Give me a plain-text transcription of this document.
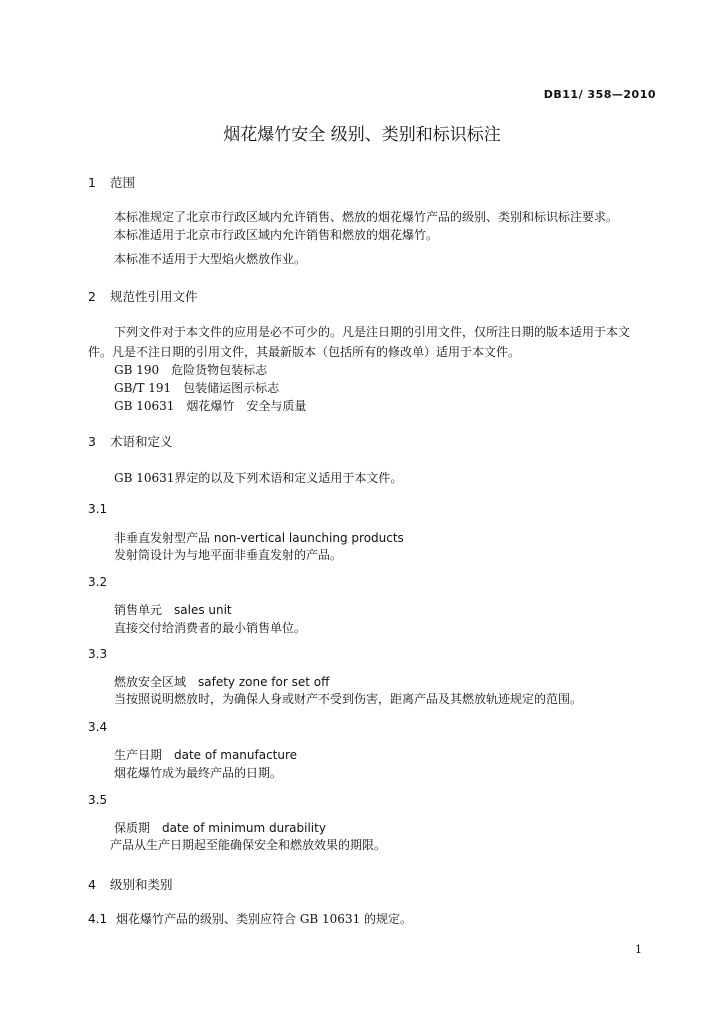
DB11/ 358—2010
烟花爆竹安全 级别、类别和标识标注
1 范围
本标准规定了北京市行政区域内允许销售、燃放的烟花爆竹产品的级别、类别和标识标注要求。
本标准适用于北京市行政区域内允许销售和燃放的烟花爆竹。
本标准不适用于大型焰火燃放作业。
2 规范性引用文件
下列文件对于本文件的应用是必不可少的。凡是注日期的引用文件，仅所注日期的版本适用于本文
件。凡是不注日期的引用文件，其最新版本（包括所有的修改单）适用于本文件。
GB 190　危险货物包装标志
GB/T 191　包装储运图示标志
GB 10631　烟花爆竹　安全与质量
3 术语和定义
GB 10631界定的以及下列术语和定义适用于本文件。
3.1
非垂直发射型产品 non-vertical launching products
发射筒设计为与地平面非垂直发射的产品。
3.2
销售单元　sales unit
直接交付给消费者的最小销售单位。
3.3
燃放安全区域　safety zone for set off
当按照说明燃放时，为确保人身或财产不受到伤害，距离产品及其燃放轨迹规定的范围。
3.4
生产日期　date of manufacture
烟花爆竹成为最终产品的日期。
3.5
保质期　date of minimum durability
产品从生产日期起至能确保安全和燃放效果的期限。
4 级别和类别
4.1 烟花爆竹产品的级别、类别应符合 GB 10631 的规定。
1
